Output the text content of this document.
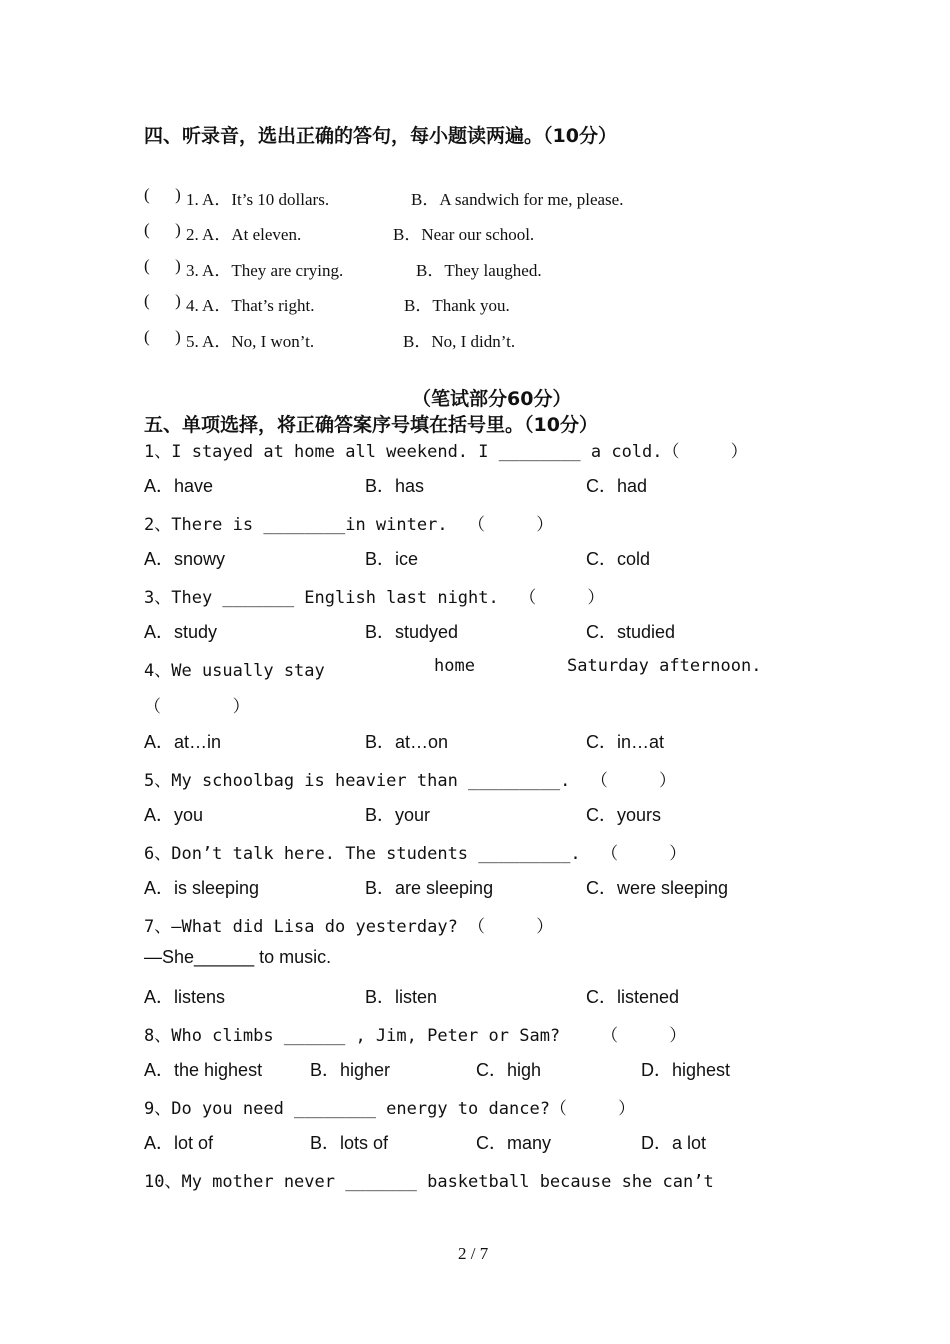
四、听录音，选出正确的答句，每小题读两遍。（10分）
(      ) 1. A．It’s 10 dollars.	B．A sandwich for me, please.
(      ) 2. A．At eleven.	B．Near our school.
(      ) 3. A．They are crying.	B．They laughed.
(      ) 4. A．That’s right.	B．Thank you.
(      ) 5. A．No, I won’t.	B．No, I didn’t.
（笔试部分60分）
五、单项选择，将正确答案序号填在括号里。（10分）
1、I stayed at home all weekend. I ________ a cold.（     ）
A．have	B．has	C．had
2、There is ________in winter.  （     ）
A．snowy	B．ice	C．cold
3、They _______ English last night.  （     ）
A．study	B．studyed	C．studied
4、We usually stay	home	Saturday afternoon.
（       ）
A．at…in	B．at…on	C．in…at
5、My schoolbag is heavier than _________.  （     ）
A．you	B．your	C．yours
6、Don’t talk here. The students _________.  （     ）
A．is sleeping	B．are sleeping	C．were sleeping
7、—What did Lisa do yesterday? （     ）
—She______ to music.
A．listens	B．listen	C．listened
8、Who climbs ______ , Jim, Peter or Sam?    （     ）
A．the highest	B．higher	C．high	D．highest
9、Do you need ________ energy to dance?（     ）
A．lot of	B．lots of	C．many	D．a lot
10、My mother never _______ basketball because she can’t
2 / 7
